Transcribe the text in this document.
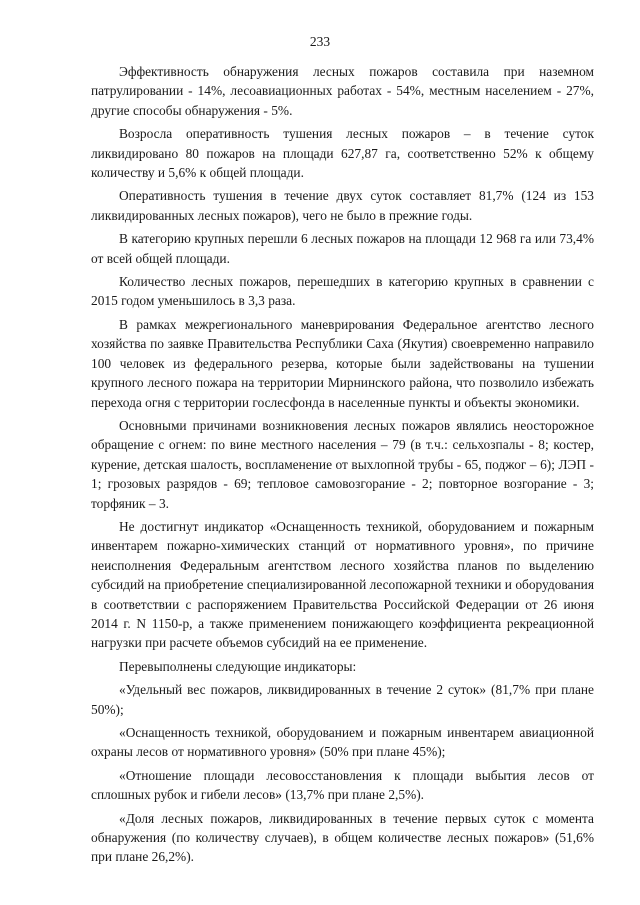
233

Эффективность обнаружения лесных пожаров составила при наземном патрулировании - 14%, лесоавиационных работах - 54%, местным населением - 27%, другие способы обнаружения - 5%.

Возросла оперативность тушения лесных пожаров – в течение суток ликвидировано 80 пожаров на площади 627,87 га, соответственно 52% к общему количеству и 5,6% к общей площади.

Оперативность тушения в течение двух суток составляет 81,7% (124 из 153 ликвидированных лесных пожаров), чего не было в прежние годы.

В категорию крупных перешли 6 лесных пожаров на площади 12 968 га или 73,4% от всей общей площади.

Количество лесных пожаров, перешедших в категорию крупных в сравнении с 2015 годом уменьшилось в 3,3 раза.

В рамках межрегионального маневрирования Федеральное агентство лесного хозяйства по заявке Правительства Республики Саха (Якутия) своевременно направило 100 человек из федерального резерва, которые были задействованы на тушении крупного лесного пожара на территории Мирнинского района, что позволило избежать перехода огня с территории гослесфонда в населенные пункты и объекты экономики.

Основными причинами возникновения лесных пожаров являлись неосторожное обращение с огнем: по вине местного населения – 79 (в т.ч.: сельхозпалы - 8; костер, курение, детская шалость, воспламенение от выхлопной трубы - 65, поджог – 6); ЛЭП - 1; грозовых разрядов - 69; тепловое самовозгорание - 2; повторное возгорание - 3; торфяник – 3.

Не достигнут индикатор «Оснащенность техникой, оборудованием и пожарным инвентарем пожарно-химических станций от нормативного уровня», по причине неисполнения Федеральным агентством лесного хозяйства планов по выделению субсидий на приобретение специализированной лесопожарной техники и оборудования в соответствии с распоряжением Правительства Российской Федерации от 26 июня 2014 г. N 1150-р, а также применением понижающего коэффициента рекреационной нагрузки при расчете объемов субсидий на ее применение.

Перевыполнены следующие индикаторы:

«Удельный вес пожаров, ликвидированных в течение 2 суток» (81,7% при плане 50%);

«Оснащенность техникой, оборудованием и пожарным инвентарем авиационной охраны лесов от нормативного уровня» (50% при плане 45%);

«Отношение площади лесовосстановления к площади выбытия лесов от сплошных рубок и гибели лесов» (13,7% при плане 2,5%).

«Доля лесных пожаров, ликвидированных в течение первых суток с момента обнаружения (по количеству случаев), в общем количестве лесных пожаров» (51,6% при плане 26,2%).
